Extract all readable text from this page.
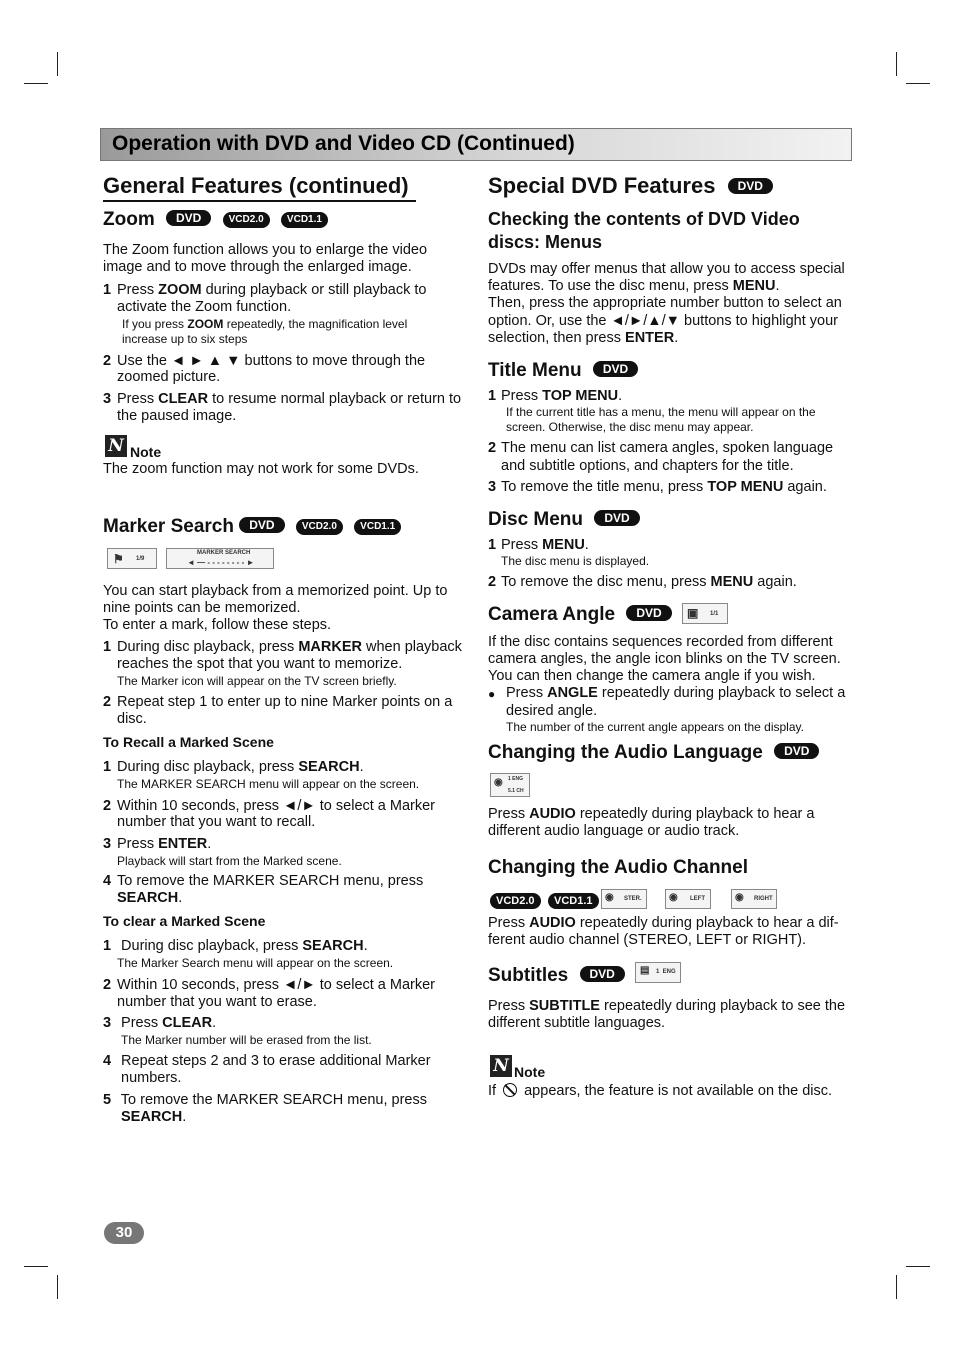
Operation with DVD and Video CD (Continued)
General Features (continued)
Zoom DVD	VCD2.0 VCD1.1
The Zoom function allows you to enlarge the video image and to move through the enlarged image.
1 Press ZOOM during playback or still playback to
activate the Zoom function.
If you press ZOOM repeatedly, the magnification level
increase up to six steps
2 Use the ◄ ► ▲ ▼ buttons to move through the
zoomed picture.
3 Press CLEAR to resume normal playback or return to
the paused image.
N Note
The zoom function may not work for some DVDs.
Marker Search DVD	VCD2.0 VCD1.1
⚑ 1/9
MARKER SEARCH
◄ — - - - - - - - - ►
You can start playback from a memorized point. Up to
nine points can be memorized.
To enter a mark, follow these steps.
1 During disc playback, press MARKER when playback
reaches the spot that you want to memorize.
The Marker icon will appear on the TV screen briefly.
2 Repeat step 1 to enter up to nine Marker points on a
disc.
To Recall a Marked Scene
1 During disc playback, press SEARCH.
The MARKER SEARCH menu will appear on the screen.
2 Within 10 seconds, press ◄/► to select a Marker
number that you want to recall.
3 Press ENTER.
Playback will start from the Marked scene.
4 To remove the MARKER SEARCH menu, press
SEARCH.
To clear a Marked Scene
1 During disc playback, press SEARCH.
The Marker Search menu will appear on the screen.
2 Within 10 seconds, press ◄/► to select a Marker
number that you want to erase.
3 Press CLEAR.
The Marker number will be erased from the list.
4 Repeat steps 2 and 3 to erase additional Marker
numbers.
5 To remove the MARKER SEARCH menu, press
SEARCH.
30
Special DVD Features DVD
Checking the contents of DVD Video
discs: Menus
DVDs may offer menus that allow you to access special
features. To use the disc menu, press MENU.
Then, press the appropriate number button to select an
option. Or, use the ◄/►/▲/▼ buttons to highlight your
selection, then press ENTER.
Title Menu DVD
1 Press TOP MENU.
If the current title has a menu, the menu will appear on the
screen. Otherwise, the disc menu may appear.
2 The menu can list camera angles, spoken language
and subtitle options, and chapters for the title.
3 To remove the title menu, press TOP MENU again.
Disc Menu DVD
1 Press MENU.
The disc menu is displayed.
2 To remove the disc menu, press MENU again.
Camera Angle DVD	▣ 1/1
If the disc contains sequences recorded from different
camera angles, the angle icon blinks on the TV screen.
You can then change the camera angle if you wish.
● Press ANGLE repeatedly during playback to select a
desired angle.
The number of the current angle appears on the display.
Changing the Audio Language DVD
◉ 1 ENG
5.1 CH
Press AUDIO repeatedly during playback to hear a
different audio language or audio track.
Changing the Audio Channel
VCD2.0 VCD1.1	◉ STER.	◉ LEFT	◉ RIGHT
Press AUDIO repeatedly during playback to hear a dif-
ferent audio channel (STEREO, LEFT or RIGHT).
Subtitles DVD	▤ 1  ENG
Press SUBTITLE repeatedly during playback to see the
different subtitle languages.
N Note
If
appears, the feature is not available on the disc.
